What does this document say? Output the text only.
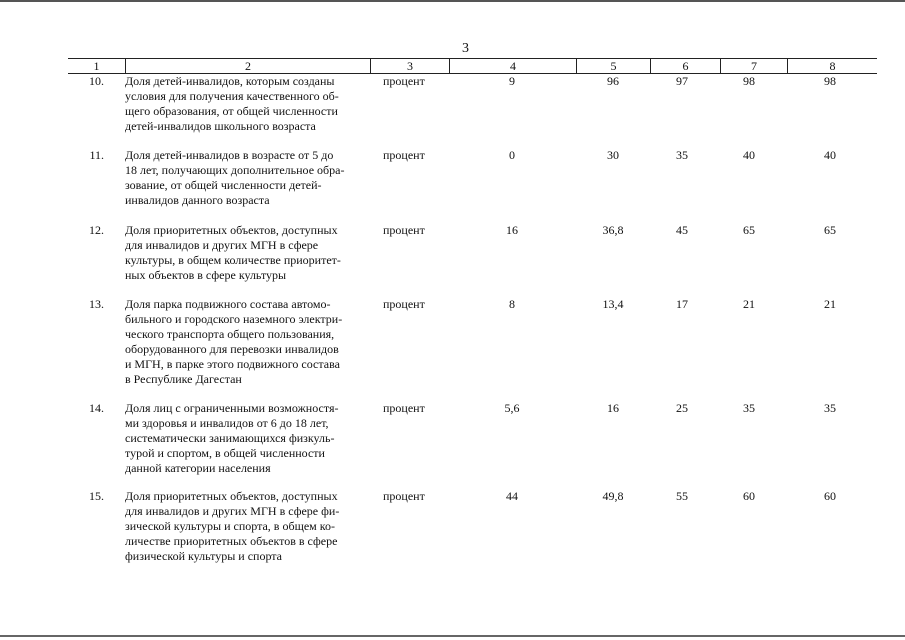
3
1	2	3	4	5	6	7	8
10. Доля детей-инвалидов, которым созданы
условия для получения качественного об-
щего образования, от общей численности
детей-инвалидов школьного возраста
процент	9	96	97	98	98
11. Доля детей-инвалидов в возрасте от 5 до
18 лет, получающих дополнительное обра-
зование, от общей численности детей-
инвалидов данного возраста
процент	0	30	35	40	40
12. Доля приоритетных объектов, доступных
для инвалидов и других МГН в сфере
культуры, в общем количестве приоритет-
ных объектов в сфере культуры
процент	16	36,8	45	65	65
13. Доля парка подвижного состава автомо-
бильного и городского наземного электри-
ческого транспорта общего пользования,
оборудованного для перевозки инвалидов
и МГН, в парке этого подвижного состава
в Республике Дагестан
процент	8	13,4	17	21	21
14. Доля лиц с ограниченными возможностя-
ми здоровья и инвалидов от 6 до 18 лет,
систематически занимающихся физкуль-
турой и спортом, в общей численности
данной категории населения
процент	5,6	16	25	35	35
15. Доля приоритетных объектов, доступных
для инвалидов и других МГН в сфере фи-
зической культуры и спорта, в общем ко-
личестве приоритетных объектов в сфере
физической культуры и спорта
процент	44	49,8	55	60	60
